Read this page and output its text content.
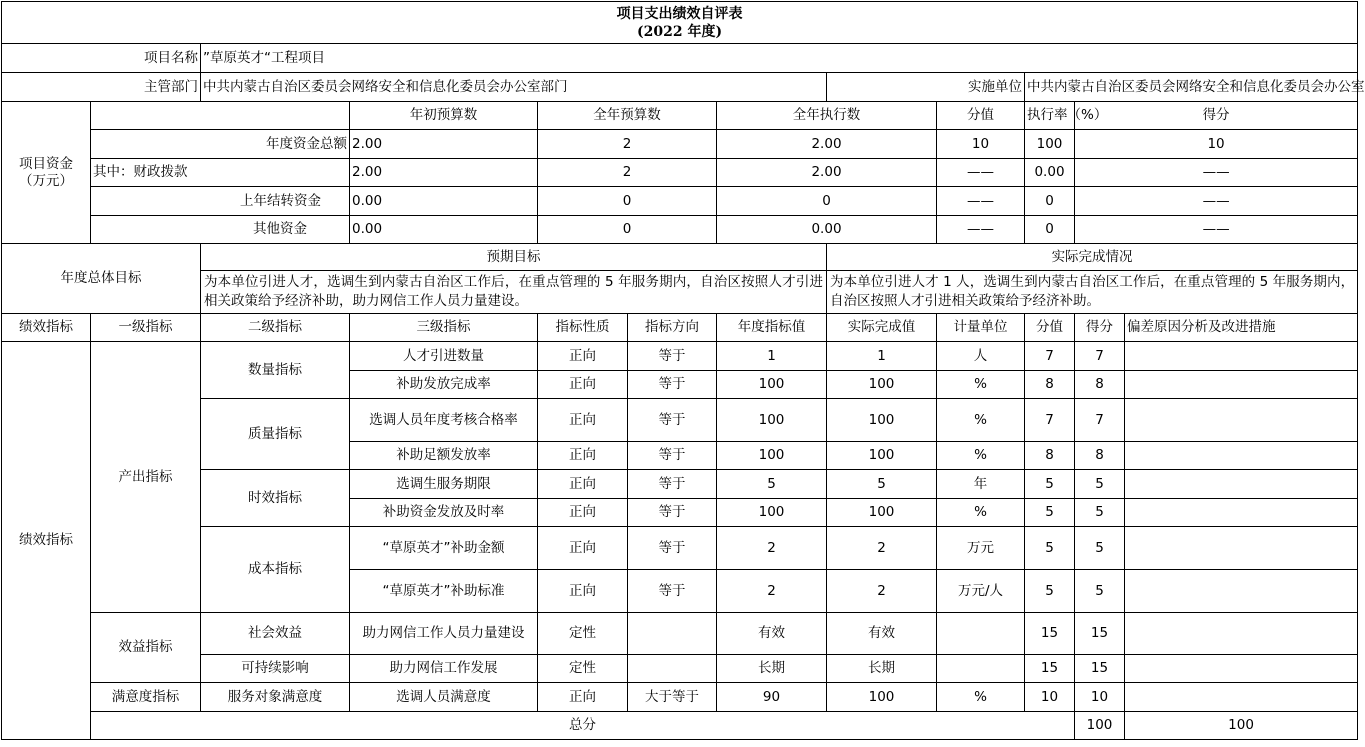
项目支出绩效自评表
(2022 年度)												

项目名称		”草原英才“工程项目										
主管部门		中共内蒙古自治区委员会网络安全和信息化委员会办公室部门					实施单位		中共内蒙古自治区委员会网络安全和信息化委员会办公室			
项目资金
（万元）			年初预算数	全年预算数		全年执行数		分值	执行率（%）	得分		
	年度资金总额		2.00	2		2.00		10	100	10		
	其中：财政拨款		2.00	2		2.00		——	0.00	——		
	上年结转资金		0.00	0		0		——	0	——		
	其他资金		0.00	0		0.00		——	0	——		
年度总体目标		预期目标					实际完成情况					
		为本单位引进人才，选调生到内蒙古自治区工作后，在重点管理的 5 年服务期内，自治区按照人才引进相关政策给予经济补助，助力网信工作人员力量建设。					为本单位引进人才 1 人，选调生到内蒙古自治区工作后，在重点管理的 5 年服务期内，自治区按照人才引进相关政策给予经济补助。					
绩效指标	一级指标	二级指标	三级指标	指标性质	指标方向	年度指标值	实际完成值	计量单位	分值	得分	偏差原因分析及改进措施	
绩效指标	产出指标	数量指标	人才引进数量	正向	等于	1	1	人	7	7		
			补助发放完成率	正向	等于	100	100	%	8	8		
		质量指标	选调人员年度考核合格率	正向	等于	100	100	%	7	7		
			补助足额发放率	正向	等于	100	100	%	8	8		
		时效指标	选调生服务期限	正向	等于	5	5	年	5	5		
			补助资金发放及时率	正向	等于	100	100	%	5	5		
		成本指标	“草原英才”补助金额	正向	等于	2	2	万元	5	5		
			“草原英才”补助标准	正向	等于	2	2	万元/人	5	5		
	效益指标	社会效益	助力网信工作人员力量建设	定性		有效	有效		15	15		
		可持续影响	助力网信工作发展	定性		长期	长期		15	15		
	满意度指标	服务对象满意度	选调人员满意度	正向	大于等于	90	100	%	10	10		
	总分									100	100	
